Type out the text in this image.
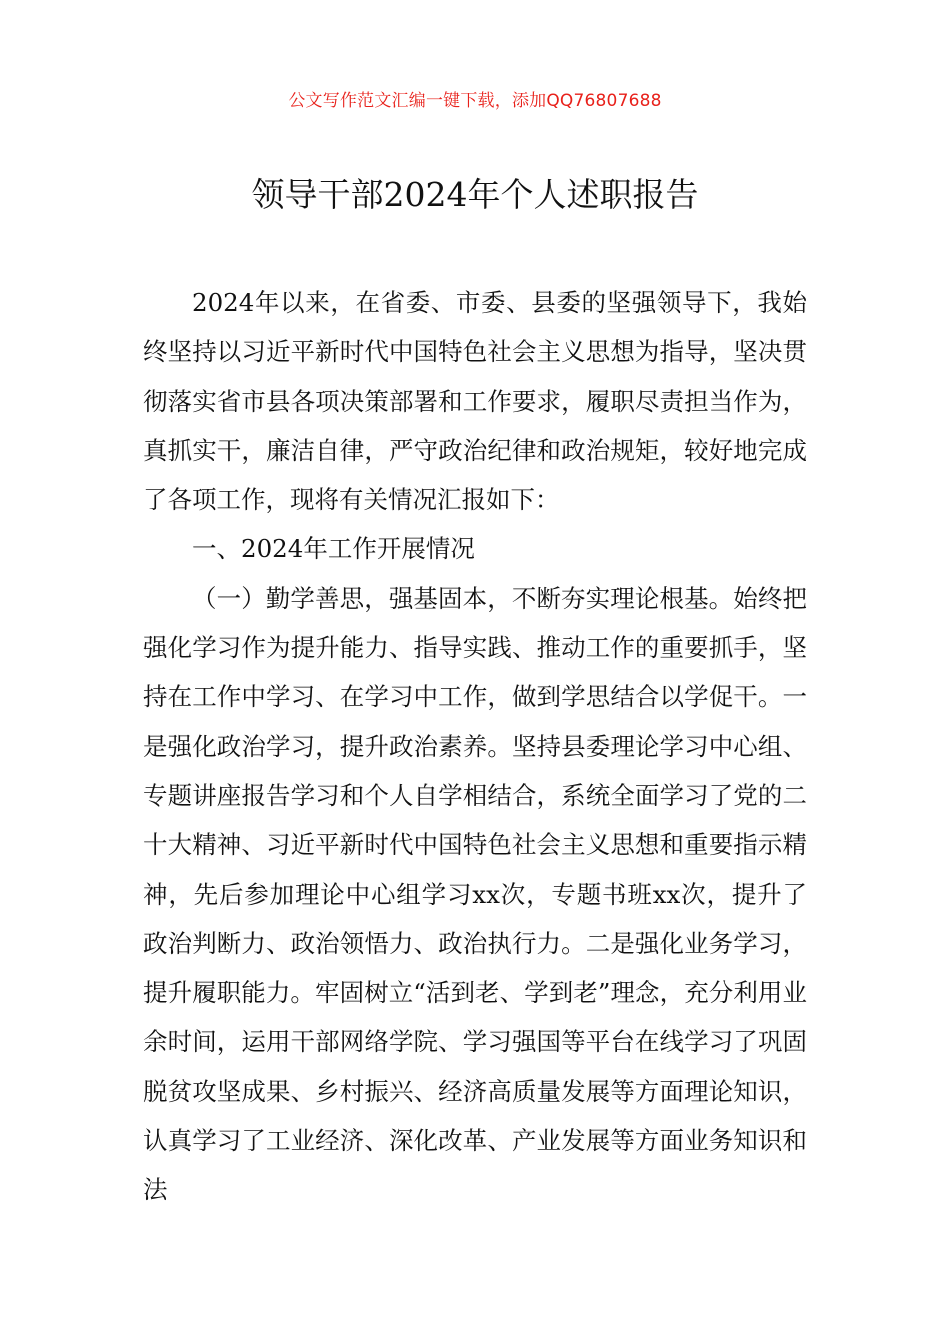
公文写作范文汇编一键下载，添加QQ76807688
领导干部2024年个人述职报告

2024年以来，在省委、市委、县委的坚强领导下，我始终坚持以习近平新时代中国特色社会主义思想为指导，坚决贯彻落实省市县各项决策部署和工作要求，履职尽责担当作为，真抓实干，廉洁自律，严守政治纪律和政治规矩，较好地完成了各项工作，现将有关情况汇报如下：

一、2024年工作开展情况

（一）勤学善思，强基固本，不断夯实理论根基。始终把强化学习作为提升能力、指导实践、推动工作的重要抓手，坚持在工作中学习、在学习中工作，做到学思结合以学促干。一是强化政治学习，提升政治素养。坚持县委理论学习中心组、专题讲座报告学习和个人自学相结合，系统全面学习了党的二十大精神、习近平新时代中国特色社会主义思想和重要指示精神，先后参加理论中心组学习xx次，专题书班xx次，提升了政治判断力、政治领悟力、政治执行力。二是强化业务学习，提升履职能力。牢固树立“活到老、学到老”理念，充分利用业余时间，运用干部网络学院、学习强国等平台在线学习了巩固脱贫攻坚成果、乡村振兴、经济高质量发展等方面理论知识，认真学习了工业经济、深化改革、产业发展等方面业务知识和法
